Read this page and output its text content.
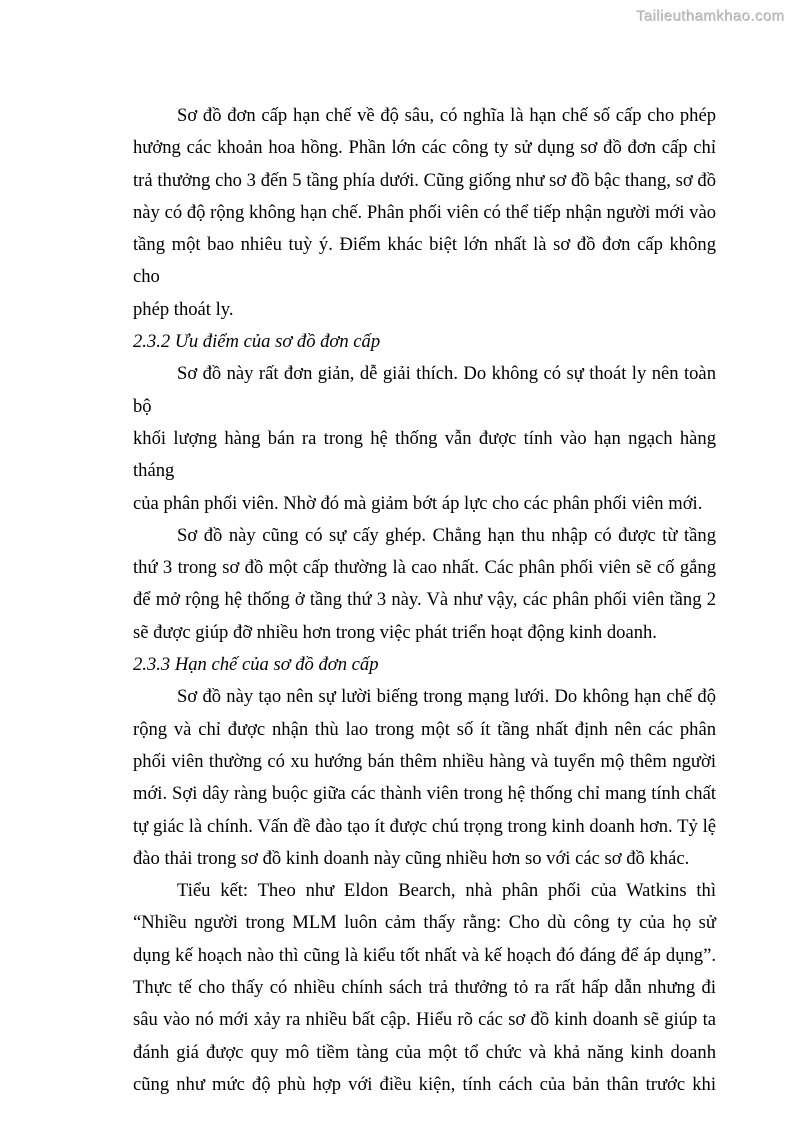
Tailieuthamkhao.com
Sơ đồ đơn cấp hạn chế về độ sâu, có nghĩa là hạn chế số cấp cho phép
hưởng các khoản hoa hồng. Phần lớn các công ty sử dụng sơ đồ đơn cấp chỉ
trả thưởng cho 3 đến 5 tầng phía dưới. Cũng giống như sơ đồ bậc thang, sơ đồ
này có độ rộng không hạn chế. Phân phối viên có thể tiếp nhận người mới vào
tầng một bao nhiêu tuỳ ý. Điểm khác biệt lớn nhất là sơ đồ đơn cấp không cho
phép thoát ly.
2.3.2 Ưu điểm của sơ đồ đơn cấp
Sơ đồ này rất đơn giản, dễ giải thích. Do không có sự thoát ly nên toàn bộ
khối lượng hàng bán ra trong hệ thống vẫn được tính vào hạn ngạch hàng tháng
của phân phối viên. Nhờ đó mà giảm bớt áp lực cho các phân phối viên mới.
Sơ đồ này cũng có sự cấy ghép. Chẳng hạn thu nhập có được từ tầng
thứ 3 trong sơ đồ một cấp thường là cao nhất. Các phân phối viên sẽ cố gắng
để mở rộng hệ thống ở tầng thứ 3 này. Và như vậy, các phân phối viên tầng 2
sẽ được giúp đỡ nhiều hơn trong việc phát triển hoạt động kinh doanh.
2.3.3 Hạn chế của sơ đồ đơn cấp
Sơ đồ này tạo nên sự lười biếng trong mạng lưới. Do không hạn chế độ
rộng và chỉ được nhận thù lao trong một số ít tầng nhất định nên các phân
phối viên thường có xu hướng bán thêm nhiều hàng và tuyển mộ thêm người
mới. Sợi dây ràng buộc giữa các thành viên trong hệ thống chỉ mang tính chất
tự giác là chính. Vấn đề đào tạo ít được chú trọng trong kinh doanh hơn. Tỷ lệ
đào thải trong sơ đồ kinh doanh này cũng nhiều hơn so với các sơ đồ khác.
Tiểu kết: Theo như Eldon Bearch, nhà phân phối của Watkins thì
“Nhiều người trong MLM luôn cảm thấy rằng: Cho dù công ty của họ sử
dụng kế hoạch nào thì cũng là kiểu tốt nhất và kế hoạch đó đáng để áp dụng”.
Thực tế cho thấy có nhiều chính sách trả thưởng tỏ ra rất hấp dẫn nhưng đi
sâu vào nó mới xảy ra nhiều bất cập. Hiểu rõ các sơ đồ kinh doanh sẽ giúp ta
đánh giá được quy mô tiềm tàng của một tổ chức và khả năng kinh doanh
cũng như mức độ phù hợp với điều kiện, tính cách của bản thân trước khi
